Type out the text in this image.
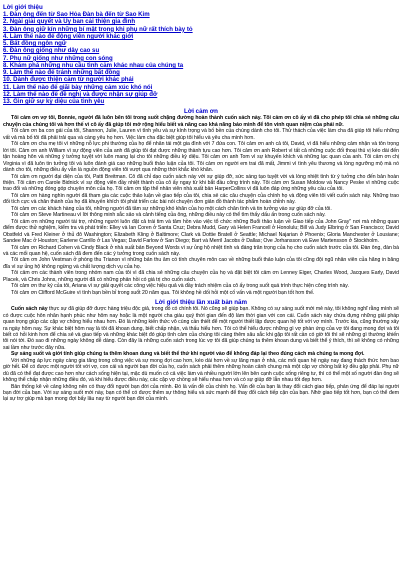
Lời giới thiệu
1. Đàn ông đến từ Sao Hỏa Đàn bà đến từ Sao Kim
2. Ngài giải quyết và Úy ban cải thiện gia đình
3. Đàn ông giữ kín những bí mật trong khi phụ nữ rất thích bày tỏ
4. Làm thế nào để động viên người khác giới
5. Bất đồng ngôn ngữ
6. Đàn ông giống như dây cao su
7. Phụ nữ giống như những con sóng
8. Khám phá những nhu cầu tình cảm khác nhau của chúng ta
9. Làm thế nào để tránh những bất đồng
10. Dành được thiện cảm từ người khác phái
11. Làm thế nào để giãi bày những cảm xúc khó nói
12. Làm thế nào để đề nghị và được nhận sự giúp đỡ
13. Gìn giữ sự kỳ diệu của tình yêu
Lời cảm ơn

Tôi cảm ơn vợ tôi, Bonnie, người đã luôn bên tôi trong suốt chặng đường hoàn thành cuốn sách này. Tôi cảm ơn cô ấy vì đã cho phép tôi chia sẻ những câu chuyện của chúng tôi và hơn thế vì cô ấy đã giúp tôi mở rộng hiểu biết và nâng cao khả năng bảo mình để tôn vinh quan niệm của phái nữ.

Tôi cảm ơn ba con gái của tôi, Shannon, Julie, Lauren vì tình yêu và sự kính trọng và bố bền của chúng dành cho tôi. Thử thách của việc làm cha đã giúp tôi hiểu những vất vả mà bố tôi đã phải trải qua và càng yêu họ hơn. Việc làm cha đặc biệt giúp tôi hiểu và yêu cha mình hơn.

Tôi cảm ơn cha mẹ tôi vì những nỗ lực phi thường của họ để nhân tái một gia đình với 7 đứa con. Tôi cảm ơn anh cả tôi, David, vì đã hiểu những cảm nhận và tôn trọng lời tôi. Cảm ơn anh William vì sự động viên của anh đã giúp tôi đạt được những thành tựu cao hơn. Tôi cảm ơn anh Robert vì tất cả những cuộc đối thoại thú vị kéo dài đến tận hoàng hôn và những ý tưởng tuyệt vời luôn mang lại cho tôi những điều kỳ diệu. Tôi cảm ơn anh Tom vì sự khuyến khích và những lạc quan của anh. Tôi cảm ơn chị Virginia vì đã luôn tin tưởng tôi và luôn đánh giá cao những buổi thảo luận của tôi. Tôi cảm ơn người em trai đã mất, Jimmi vì tình yêu thương và lòng ngưỡng mộ mà nó dành cho tôi, những điều ấy vẫn là nguồn động viên tôi vượt qua những thời khắc khó khăn.

Tôi cảm ơn người đại diện của tôi, Patti Breitman. Cô đã chỉ dạo cuốn sách này với sự giúp đỡ, sức sáng tạo tuyệt vời và lòng nhiệt tình từ ý tưởng cho đến bản hoàn thiện. Tôi cảm ơn Carole Bidnick vì sự động viên đầy nhiệt thành của cô ấy ngay từ khi bắt đầu công trình này. Tôi cảm ơn Susan Moldow và Nancy Peske vì những cuộc trao đổi và những đóng góp chuyên môn của họ. Tôi cảm ơn tập thể nhân viên nhà xuất bản HarperCollins vì đã luôn đáp ứng những yêu cầu của tôi.

Tôi cảm ơn hàng nghìn người đã tham gia các cuộc thảo luận về giao tiếp của tôi, chia sẻ các câu chuyện của chính họ và động viên tôi viết cuốn sách này. Những trao đổi tích cực và chân thành của họ đã khuyến khích tôi phát triển các bài nói chuyện đơn giản đồ thành tác phẩm hoàn chỉnh này.

Tôi cảm ơn các khách hàng của tôi, những người đã tâm sự những khó khăn của họ một cách chân tình và tin tưởng vào sự giúp đỡ của tôi.

Tôi cảm ơn Steve Martineau vì lời thông minh sắc sảo và cảnh tiếng của ông, những điều này có thể tìm thấy dấu ấn trong cuốn sách này.

Tôi cảm ơn những người tài trợ, những người luôn đặt cả trái tim và tâm hồn vào việc tổ chức những Buổi thảo luận về Giao tiếp của John Gray" nơi mà những quan điểm được thử nghiệm, kiểm tra và phát triển: Elley và Ian Coren ở Santa Cruz; Debra Mudd, Gary và Helen Francell ở Honolulu; Bill và Judy Elbring ở San Francisco; David Obstfeld và Fred Kleiner ở thủ đô Washington; Elizabeth Kling ở Baltimore; Clark và Dottie Bratell ở Seattle; Michael Najarian ở Phoenix; Gloria Manchester ở Lousiane; Sandee Mac ở Houston; Earlene Carrillo ở Las Vegas; David Farlow ở San Diego; Bart và Merril Jacobs ở Dallas; Ove Jorhansson và Ewe Martensson ở Stockholm.

Tôi cảm ơn Richard Cohen và Cindy Black ở nhà xuất bản Beyond Words vì sự ủng hộ nhiệt tình và đáng trân trọng của họ cho cuốn sách trước của tôi. Đàn ông, đàn bà và các mối quan hệ, cuốn sách đã đem đến các ý tưởng trong cuốn sách này.

Tôi cảm ơn John Vestman ở phòng thu Trianon vì những bản thu âm có tính chuyên môn cao về những buổi thảo luận của tôi cũng đội ngũ nhân viên của hãng in băng đĩa vì sự ủng hộ không ngừng và chất lượng dịch vụ của họ.

Tôi cảm ơn các thành viên trong nhóm nam của tôi vì đã chia sẻ những câu chuyện của họ và đặt biệt tôi cảm ơn Lenney Eiger, Charles Wood, Jacques Early, David Placek, và Chris Johns, những người đã có những phản hồi có giá trị cho cuốn sách.

Tôi cảm ơn thư ký của tôi, Ariana vì sự giải quyết các công việc hiệu quả và đầy trách nhiệm của cô ấy trong suốt quá trình thực hiện công trình này.

Tôi cảm ơn Clifford McGuire vì tình bạn bền bỉ trong suốt 20 năm qua. Tôi không hề dối hỏi một cố vấn và một người bạn tốt hơn thế.

Lời giới thiệu lần xuất bản năm

Cuốn sách này thực sự đã giúp đỡ được hàng triệu độc giả, trong đó có chính tôi. Nó cũng sẽ giúp bạn. Không có sự sáng suốt mới mẻ này, tôi không nghĩ rằng mình sẽ có được cuộc hôn nhân hạnh phúc như hôm nay hoặc là một người cha giàu quý thời gian đến độ làm thời gian với con cái. Cuốn sách này chứa đựng những giải pháp quan trọng giúp các cặp vợ chồng hiểu nhau hơn. Đó là những kiến thức vô cùng cần thiết để một người thiết lập được quan hệ tốt với vợ mình. Trước kia, cũng thường xảy ra ngày hôm nay. Sự khác biệt hôm nay là tôi đã khoan dung, biết chấp nhận, và thấu hiểu hơn. Tôi có thể hiểu được những gì vợ phàn ứng của vợ tôi đang mong đợi và tôi biết có hỏi kinh hơn để chia sẻ và giao tiếp và những khác biệt đó giúp tình cảm của chúng tôi càng thêm sâu sắc khi gặp tôi rất cần có giờ tôi thì sẽ những gì thường khiến tôi nói tới. Đó sao đi những ngày không dễ dàng. Còn đây là những cuốn sách trong lúc vợ tôi đã giúp chúng ta thêm khoan dung và biết thể ý thích, thì sẽ không có những sai lầm như trước đây nữa.

Sự sáng suốt và giới tính giúp chúng ta thêm khoan dung và biết thể thứ khi người vào để không đáp lại theo đúng cách mà chúng ta mong đợi.

Với những áp lực ngày càng gia tăng trong công việc và sự mong đợi cao hơn, kéo dài hơn về sự lãng mạn ở nhà, các mối quan hệ ngày nay đang thách thức hơn bao giờ hết. Để có được một người tốt với vợ, con cái và người bạn đời của họ, cuốn sách phải thêm những hoàn cảnh chung mà một cặp vợ chồng bất kỳ đều gặp phải. Phụ nữ dù đã có thể đạt được cao hơn như cách sống hiện tại, mặc dù muốn có cả việc làm và nhiều người lớn lên bên cạnh cuộc sống riêng tư, thì có thể một số người đàn ông sẽ không thể chấp nhận những điều đó, và khi hiểu được điều này, các cặp vợ chồng sẽ hiểu nhau hơn và có sự giúp đỡ lẫn nhau tốt đẹp hơn.

Bản thống kê về cảng không nên có thay đổi người bạn đời của mình. Đó là vấn đề của chính họ. Vấn đề của bạn là thay đổi cách giao tiếp, phản ứng để đáp lại người bạn đời của bạn. Với sự sáng suốt mới này, bạn có thể có được thêm sự thông hiểu và sức mạnh để thay đổi cách tiếp cận của bạn. Nhờ giao tiếp tốt hơn, bạn có thể đem lại sự trợ giúp mà bạn mong đợi bấy lâu nay từ người bạn đời của mình.
